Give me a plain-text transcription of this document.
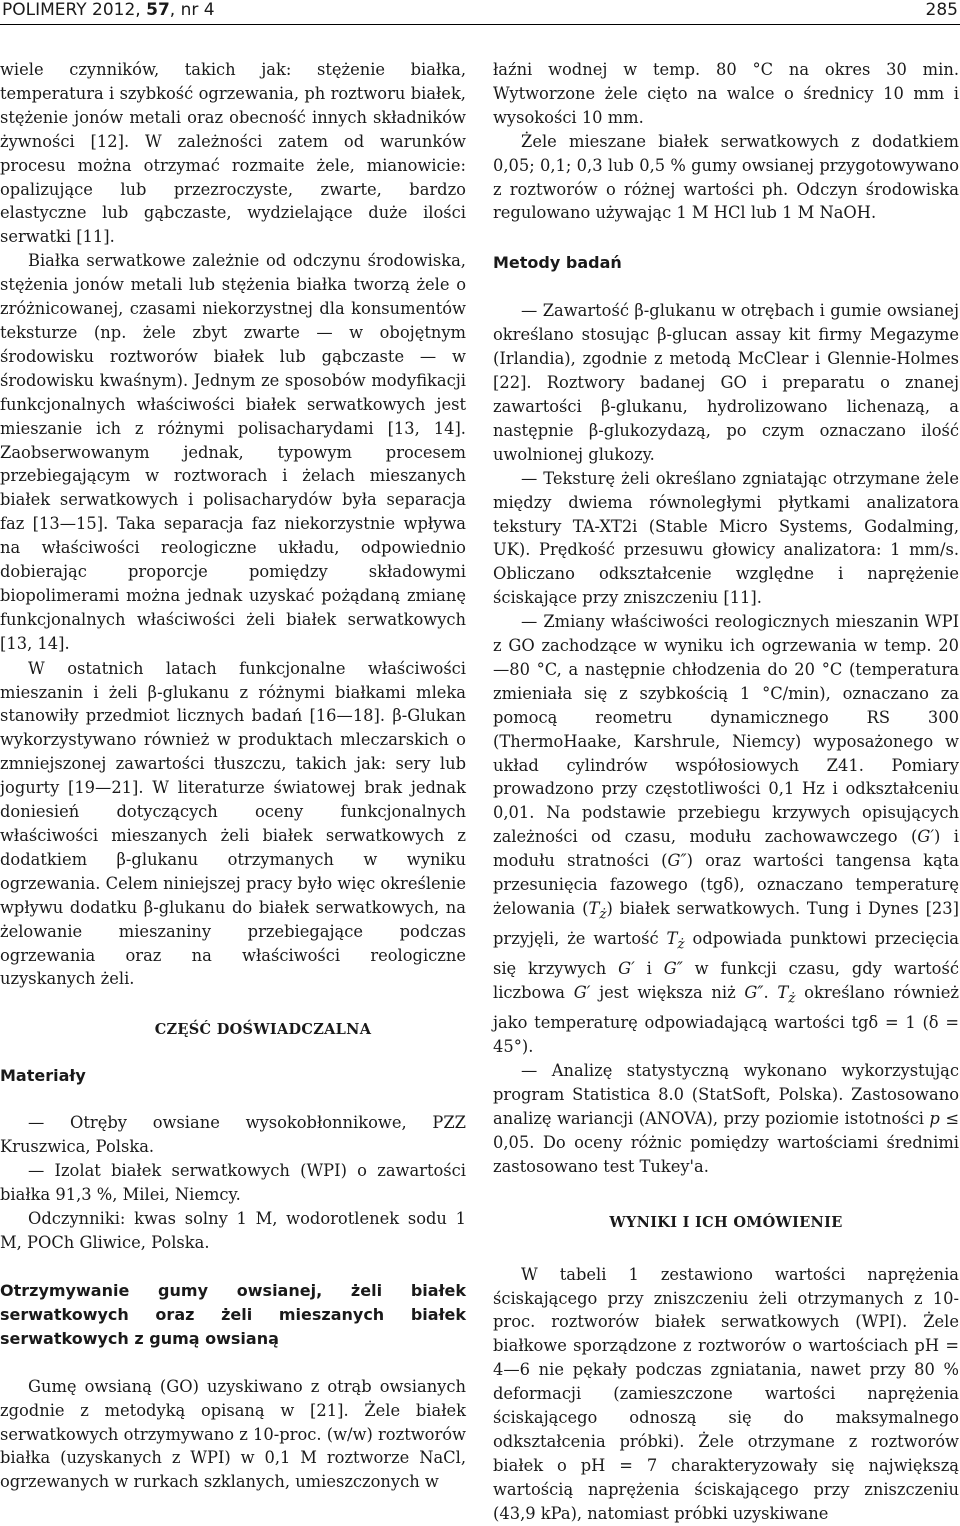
POLIMERY 2012, 57, nr 4	285

wiele czynników, takich jak: stężenie białka, temperatura i szybkość ogrzewania, ph roztworu białek, stężenie jonów metali oraz obecność innych składników żywności [12]. W zależności zatem od warunków procesu można otrzymać rozmaite żele, mianowicie: opalizujące lub przezroczyste, zwarte, bardzo elastyczne lub gąbczaste, wydzielające duże ilości serwatki [11].

Białka serwatkowe zależnie od odczynu środowiska, stężenia jonów metali lub stężenia białka tworzą żele o zróżnicowanej, czasami niekorzystnej dla konsumentów teksturze (np. żele zbyt zwarte — w obojętnym środowisku roztworów białek lub gąbczaste — w środowisku kwaśnym). Jednym ze sposobów modyfikacji funkcjonalnych właściwości białek serwatkowych jest mieszanie ich z różnymi polisacharydami [13, 14]. Zaobserwowanym jednak, typowym procesem przebiegającym w roztworach i żelach mieszanych białek serwatkowych i polisacharydów była separacja faz [13—15]. Taka separacja faz niekorzystnie wpływa na właściwości reologiczne układu, odpowiednio dobierając proporcje pomiędzy składowymi biopolimerami można jednak uzyskać pożądaną zmianę funkcjonalnych właściwości żeli białek serwatkowych [13, 14].

W ostatnich latach funkcjonalne właściwości mieszanin i żeli β-glukanu z różnymi białkami mleka stanowiły przedmiot licznych badań [16—18]. β-Glukan wykorzystywano również w produktach mleczarskich o zmniejszonej zawartości tłuszczu, takich jak: sery lub jogurty [19—21]. W literaturze światowej brak jednak doniesień dotyczących oceny funkcjonalnych właściwości mieszanych żeli białek serwatkowych z dodatkiem β-glukanu otrzymanych w wyniku ogrzewania. Celem niniejszej pracy było więc określenie wpływu dodatku β-glukanu do białek serwatkowych, na żelowanie mieszaniny przebiegające podczas ogrzewania oraz na właściwości reologiczne uzyskanych żeli.

CZĘŚĆ DOŚWIADCZALNA

Materiały

— Otręby owsiane wysokobłonnikowe, PZZ Kruszwica, Polska.

— Izolat białek serwatkowych (WPI) o zawartości białka 91,3 %, Milei, Niemcy.

Odczynniki: kwas solny 1 M, wodorotlenek sodu 1 M, POCh Gliwice, Polska.

Otrzymywanie gumy owsianej, żeli białek serwatkowych oraz żeli mieszanych białek serwatkowych z gumą owsianą

Gumę owsianą (GO) uzyskiwano z otrąb owsianych zgodnie z metodyką opisaną w [21]. Żele białek serwatkowych otrzymywano z 10-proc. (w/w) roztworów białka (uzyskanych z WPI) w 0,1 M roztworze NaCl, ogrzewanych w rurkach szklanych, umieszczonych w

łaźni wodnej w temp. 80 °C na okres 30 min. Wytworzone żele cięto na walce o średnicy 10 mm i wysokości 10 mm.

Żele mieszane białek serwatkowych z dodatkiem 0,05; 0,1; 0,3 lub 0,5 % gumy owsianej przygotowywano z roztworów o różnej wartości ph. Odczyn środowiska regulowano używając 1 M HCl lub 1 M NaOH.

Metody badań

— Zawartość β-glukanu w otrębach i gumie owsianej określano stosując β-glucan assay kit firmy Megazyme (Irlandia), zgodnie z metodą McClear i Glennie-Holmes [22]. Roztwory badanej GO i preparatu o znanej zawartości β-glukanu, hydrolizowano lichenazą, a następnie β-glukozydazą, po czym oznaczano ilość uwolnionej glukozy.

— Teksturę żeli określano zgniatając otrzymane żele między dwiema równoległymi płytkami analizatora tekstury TA-XT2i (Stable Micro Systems, Godalming, UK). Prędkość przesuwu głowicy analizatora: 1 mm/s. Obliczano odkształcenie względne i naprężenie ściskające przy zniszczeniu [11].

— Zmiany właściwości reologicznych mieszanin WPI z GO zachodzące w wyniku ich ogrzewania w temp. 20—80 °C, a następnie chłodzenia do 20 °C (temperatura zmieniała się z szybkością 1 °C/min), oznaczano za pomocą reometru dynamicznego RS 300 (ThermoHaake, Karshrule, Niemcy) wyposażonego w układ cylindrów współosiowych Z41. Pomiary prowadzono przy częstotliwości 0,1 Hz i odkształceniu 0,01. Na podstawie przebiegu krzywych opisujących zależności od czasu, modułu zachowawczego (G′) i modułu stratności (G″) oraz wartości tangensa kąta przesunięcia fazowego (tgδ), oznaczano temperaturę żelowania $(T_ż)$ białek serwatkowych. Tung i Dynes [23] przyjęli, że wartość $T_ż$ odpowiada punktowi przecięcia się krzywych G′ i G″ w funkcji czasu, gdy wartość liczbowa G′ jest większa niż G″. $T_ż$ określano również jako temperaturę odpowiadającą wartości tgδ = 1 (δ = 45°).

— Analizę statystyczną wykonano wykorzystując program Statistica 8.0 (StatSoft, Polska). Zastosowano analizę wariancji (ANOVA), przy poziomie istotności p ≤ 0,05. Do oceny różnic pomiędzy wartościami średnimi zastosowano test Tukey'a.

WYNIKI I ICH OMÓWIENIE

W tabeli 1 zestawiono wartości naprężenia ściskającego przy zniszczeniu żeli otrzymanych z 10-proc. roztworów białek serwatkowych (WPI). Żele białkowe sporządzone z roztworów o wartościach pH = 4—6 nie pękały podczas zgniatania, nawet przy 80 % deformacji (zamieszczone wartości naprężenia ściskającego odnoszą się do maksymalnego odkształcenia próbki). Żele otrzymane z roztworów białek o pH = 7 charakteryzowały się największą wartością naprężenia ściskającego przy zniszczeniu (43,9 kPa), natomiast próbki uzyskiwane
